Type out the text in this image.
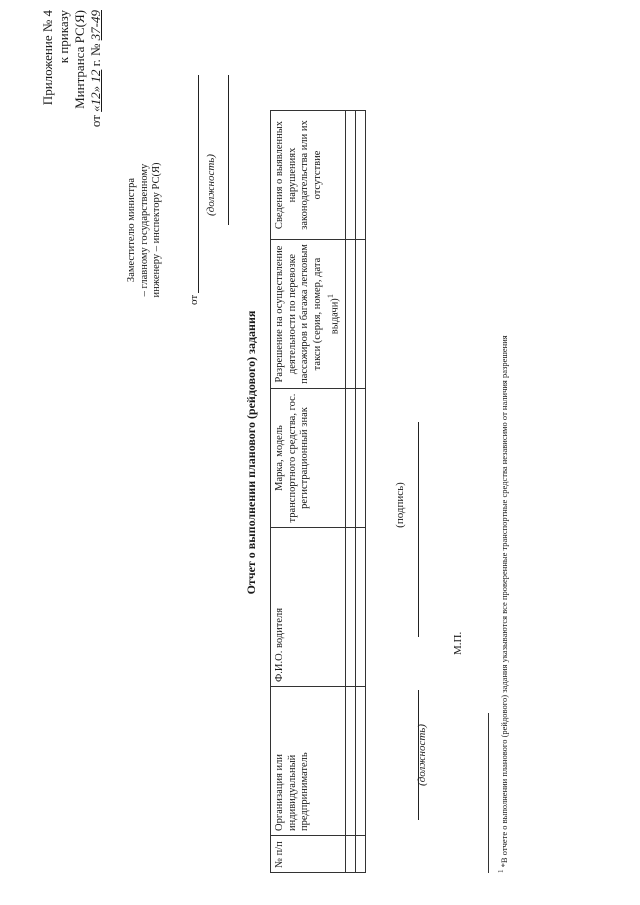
Приложение № 4 к приказу Минтранса РС(Я)
от «12» 12 г. № 37-49
Заместителю министра – главному государственному инженеру – инспектору РС(Я)
от
(должность)
Отчет о выполнении планового (рейдового) задания
№ п/п	Организация или индивидуальный предприниматель	Ф.И.О. водителя	Марка, модель транспортного средства, гос. регистрационный знак	Разрешение на осуществление деятельности по перевозке пассажиров и багажа легковым такси (серия, номер, дата выдачи)$^1$	Сведения о выявленных нарушениях законодательства или их отсутствие

(должность)
(подпись)
М.П.
$^1$ *В отчете о выполнении планового (рейдового) задания указываются все проверенные транспортные средства независимо от наличия разрешения
